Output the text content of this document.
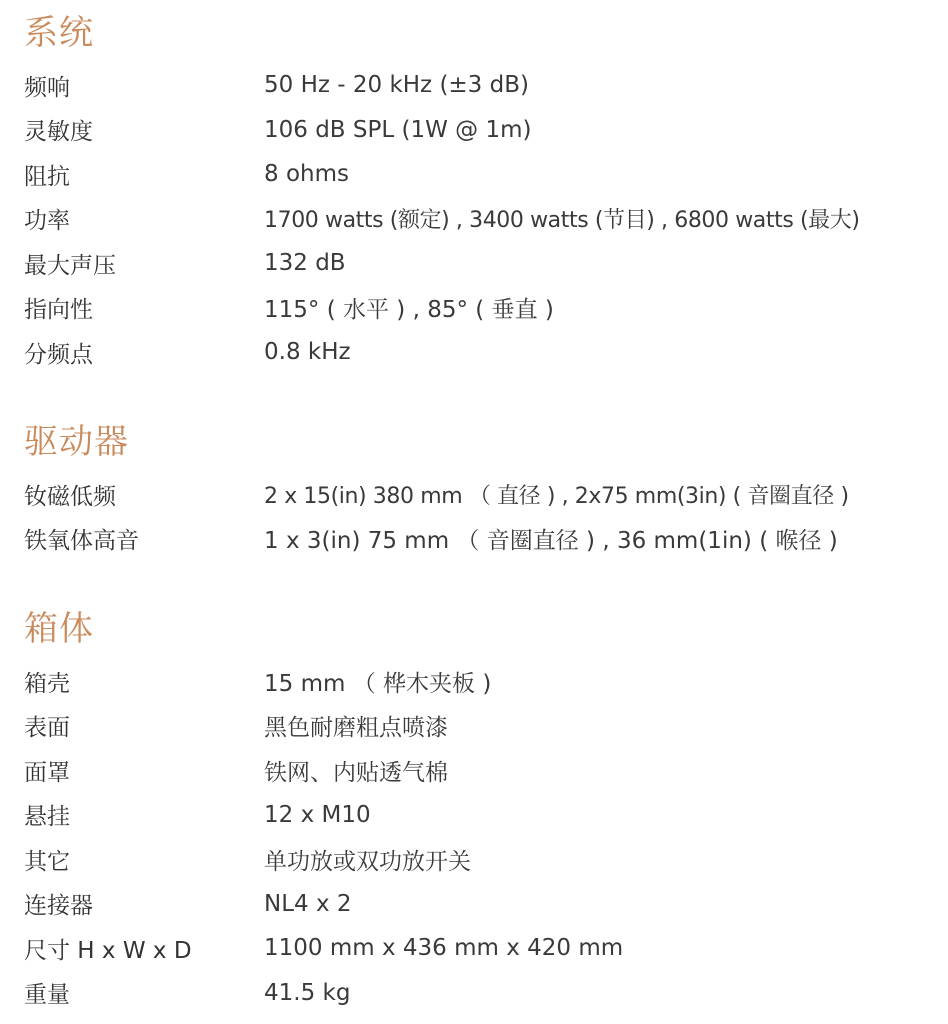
系统
频响	50 Hz - 20 kHz (±3 dB)
灵敏度	106 dB SPL (1W @ 1m)
阻抗	8 ohms
功率	1700 watts (额定) , 3400 watts (节目) , 6800 watts (最大)
最大声压	132 dB
指向性	115° ( 水平 ) , 85° ( 垂直 )
分频点	0.8 kHz
驱动器
钕磁低频	2 x 15(in) 380 mm （ 直径 ) , 2x75 mm(3in) ( 音圈直径 )
铁氧体高音	1 x 3(in) 75 mm （ 音圈直径 ) , 36 mm(1in) ( 喉径 )
箱体
箱壳	15 mm （ 桦木夹板 )
表面	黑色耐磨粗点喷漆
面罩	铁网、内贴透气棉
悬挂	12 x M10
其它	单功放或双功放开关
连接器	NL4 x 2
尺寸 H x W x D	1100 mm x 436 mm x 420 mm
重量	41.5 kg
